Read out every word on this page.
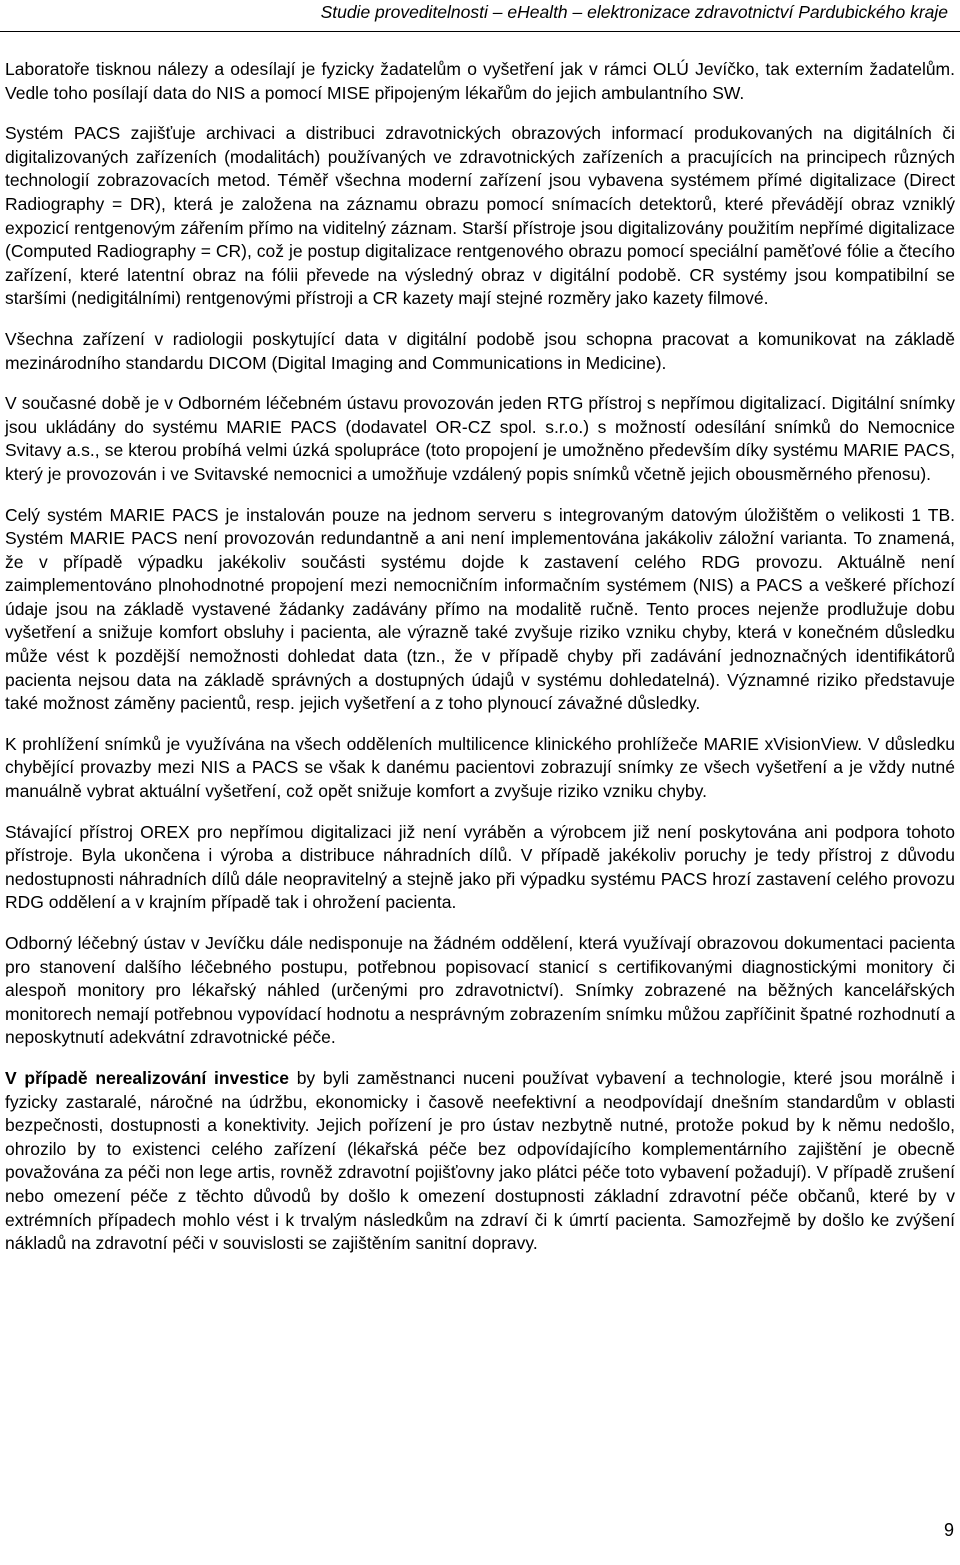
Studie proveditelnosti – eHealth – elektronizace zdravotnictví Pardubického kraje

Laboratoře tisknou nálezy a odesílají je fyzicky žadatelům o vyšetření jak v rámci OLÚ Jevíčko, tak externím žadatelům. Vedle toho posílají data do NIS a pomocí MISE připojeným lékařům do jejich ambulantního SW.

Systém PACS zajišťuje archivaci a distribuci zdravotnických obrazových informací produkovaných na digitálních či digitalizovaných zařízeních (modalitách) používaných ve zdravotnických zařízeních a pracujících na principech různých technologií zobrazovacích metod. Téměř všechna moderní zařízení jsou vybavena systémem přímé digitalizace (Direct Radiography = DR), která je založena na záznamu obrazu pomocí snímacích detektorů, které převádějí obraz vzniklý expozicí rentgenovým zářením přímo na viditelný záznam. Starší přístroje jsou digitalizovány použitím nepřímé digitalizace (Computed Radiography = CR), což je postup digitalizace rentgenového obrazu pomocí speciální paměťové fólie a čtecího zařízení, které latentní obraz na fólii převede na výsledný obraz v digitální podobě. CR systémy jsou kompatibilní se staršími (nedigitálními) rentgenovými přístroji a CR kazety mají stejné rozměry jako kazety filmové.

Všechna zařízení v radiologii poskytující data v digitální podobě jsou schopna pracovat a komunikovat na základě mezinárodního standardu DICOM (Digital Imaging and Communications in Medicine).

V současné době je v Odborném léčebném ústavu provozován jeden RTG přístroj s nepřímou digitalizací. Digitální snímky jsou ukládány do systému MARIE PACS (dodavatel OR-CZ spol. s.r.o.) s možností odesílání snímků do Nemocnice Svitavy a.s., se kterou probíhá velmi úzká spolupráce (toto propojení je umožněno především díky systému MARIE PACS, který je provozován i ve Svitavské nemocnici a umožňuje vzdálený popis snímků včetně jejich obousměrného přenosu).

Celý systém MARIE PACS je instalován pouze na jednom serveru s integrovaným datovým úložištěm o velikosti 1 TB. Systém MARIE PACS není provozován redundantně a ani není implementována jakákoliv záložní varianta. To znamená, že v případě výpadku jakékoliv součásti systému dojde k zastavení celého RDG provozu. Aktuálně není zaimplementováno plnohodnotné propojení mezi nemocničním informačním systémem (NIS) a PACS a veškeré příchozí údaje jsou na základě vystavené žádanky zadávány přímo na modalitě ručně. Tento proces nejenže prodlužuje dobu vyšetření a snižuje komfort obsluhy i pacienta, ale výrazně také zvyšuje riziko vzniku chyby, která v konečném důsledku může vést k pozdější nemožnosti dohledat data (tzn., že v případě chyby při zadávání jednoznačných identifikátorů pacienta nejsou data na základě správných a dostupných údajů v systému dohledatelná). Významné riziko představuje také možnost záměny pacientů, resp. jejich vyšetření a z toho plynoucí závažné důsledky.

K prohlížení snímků je využívána na všech odděleních multilicence klinického prohlížeče MARIE xVisionView. V důsledku chybějící provazby mezi NIS a PACS se však k danému pacientovi zobrazují snímky ze všech vyšetření a je vždy nutné manuálně vybrat aktuální vyšetření, což opět snižuje komfort a zvyšuje riziko vzniku chyby.

Stávající přístroj OREX pro nepřímou digitalizaci již není vyráběn a výrobcem již není poskytována ani podpora tohoto přístroje. Byla ukončena i výroba a distribuce náhradních dílů. V případě jakékoliv poruchy je tedy přístroj z důvodu nedostupnosti náhradních dílů dále neopravitelný a stejně jako při výpadku systému PACS hrozí zastavení celého provozu RDG oddělení a v krajním případě tak i ohrožení pacienta.

Odborný léčebný ústav v Jevíčku dále nedisponuje na žádném oddělení, která využívají obrazovou dokumentaci pacienta pro stanovení dalšího léčebného postupu, potřebnou popisovací stanicí s certifikovanými diagnostickými monitory či alespoň monitory pro lékařský náhled (určenými pro zdravotnictví). Snímky zobrazené na běžných kancelářských monitorech nemají potřebnou vypovídací hodnotu a nesprávným zobrazením snímku můžou zapříčinit špatné rozhodnutí a neposkytnutí adekvátní zdravotnické péče.

V případě nerealizování investice by byli zaměstnanci nuceni používat vybavení a technologie, které jsou morálně i fyzicky zastaralé, náročné na údržbu, ekonomicky i časově neefektivní a neodpovídají dnešním standardům v oblasti bezpečnosti, dostupnosti a konektivity. Jejich pořízení je pro ústav nezbytně nutné, protože pokud by k němu nedošlo, ohrozilo by to existenci celého zařízení (lékařská péče bez odpovídajícího komplementárního zajištění je obecně považována za péči non lege artis, rovněž zdravotní pojišťovny jako plátci péče toto vybavení požadují). V případě zrušení nebo omezení péče z těchto důvodů by došlo k omezení dostupnosti základní zdravotní péče občanů, které by v extrémních případech mohlo vést i k trvalým následkům na zdraví či k úmrtí pacienta. Samozřejmě by došlo ke zvýšení nákladů na zdravotní péči v souvislosti se zajištěním sanitní dopravy.

9
